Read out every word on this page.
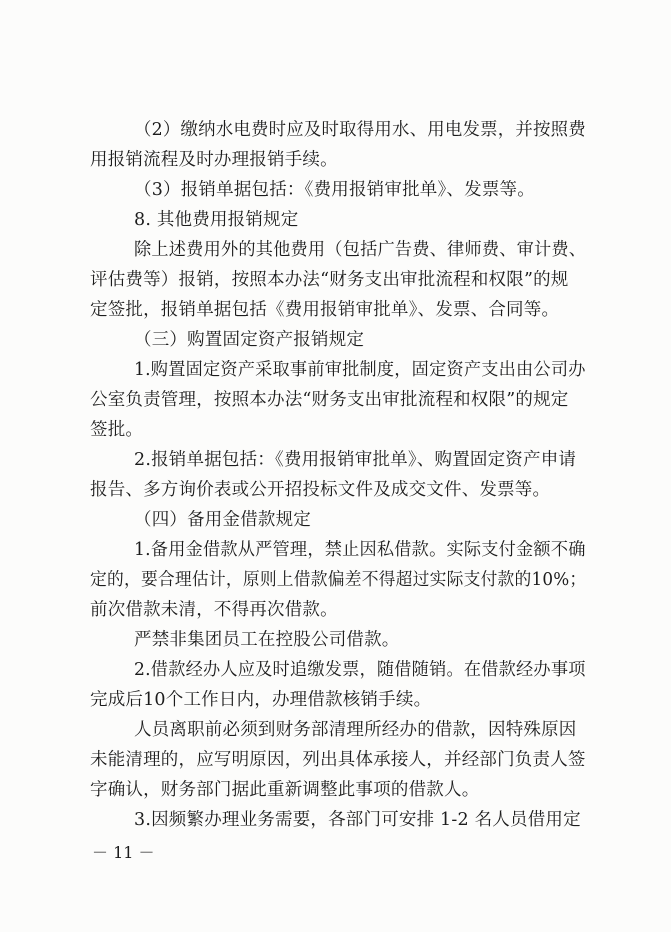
（2）缴纳水电费时应及时取得用水、用电发票，并按照费
用报销流程及时办理报销手续。
（3）报销单据包括：《费用报销审批单》、发票等。
8. 其他费用报销规定
除上述费用外的其他费用（包括广告费、律师费、审计费、
评估费等）报销，按照本办法“财务支出审批流程和权限”的规
定签批，报销单据包括《费用报销审批单》、发票、合同等。
（三）购置固定资产报销规定
1.购置固定资产采取事前审批制度，固定资产支出由公司办
公室负责管理，按照本办法“财务支出审批流程和权限”的规定
签批。
2.报销单据包括：《费用报销审批单》、购置固定资产申请
报告、多方询价表或公开招投标文件及成交文件、发票等。
（四）备用金借款规定
1.备用金借款从严管理，禁止因私借款。实际支付金额不确
定的，要合理估计，原则上借款偏差不得超过实际支付款的10%；
前次借款未清，不得再次借款。
严禁非集团员工在控股公司借款。
2.借款经办人应及时追缴发票，随借随销。在借款经办事项
完成后10个工作日内，办理借款核销手续。
人员离职前必须到财务部清理所经办的借款，因特殊原因
未能清理的，应写明原因，列出具体承接人，并经部门负责人签
字确认，财务部门据此重新调整此事项的借款人。
3.因频繁办理业务需要，各部门可安排 1-2 名人员借用定
－ 11 －
